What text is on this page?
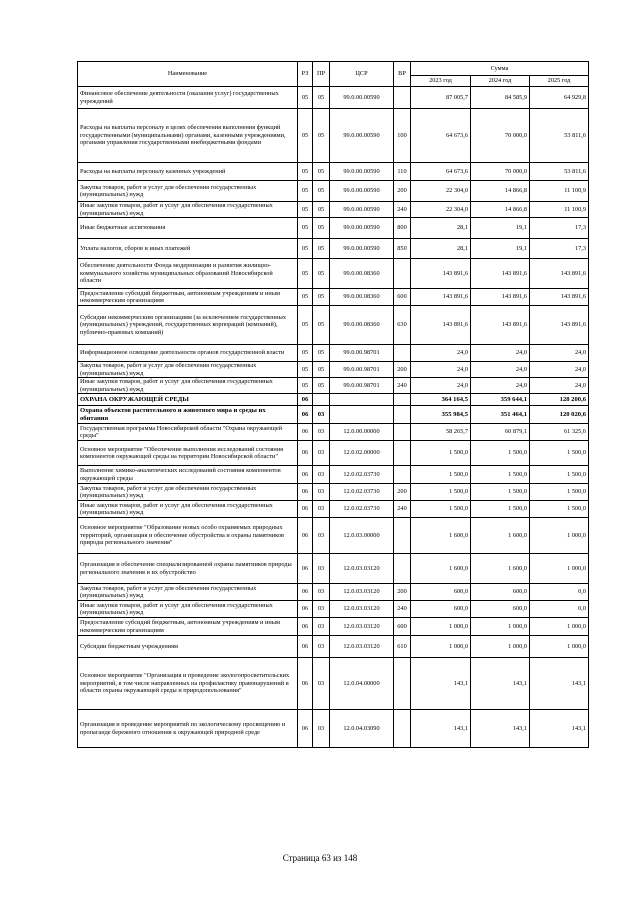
Наименование	РЗ	ПР	ЦСР	ВР	Сумма		
					2023 год	2024 год	2025 год
Финансовое обеспечение деятельности (оказания услуг) государственных учреждений	05	05	99.0.00.00590		87 005,7	84 585,9	64 929,8
Расходы на выплаты персоналу в целях обеспечения выполнения функций государственными (муниципальными) органами, казенными учреждениями, органами управления государственными внебюджетными фондами	05	05	99.0.00.00590	100	64 673,6	70 000,0	53 811,6
Расходы на выплаты персоналу казенных учреждений	05	05	99.0.00.00590	110	64 673,6	70 000,0	53 811,6
Закупка товаров, работ и услуг для обеспечения государственных (муниципальных) нужд	05	05	99.0.00.00590	200	22 304,0	14 866,8	11 100,9
Иные закупки товаров, работ и услуг для обеспечения государственных (муниципальных) нужд	05	05	99.0.00.00590	240	22 304,0	14 866,8	11 100,9
Иные бюджетные ассигнования	05	05	99.0.00.00590	800	28,1	19,1	17,3
Уплата налогов, сборов и иных платежей	05	05	99.0.00.00590	850	28,1	19,1	17,3
Обеспечение деятельности Фонда модернизации и развития жилищно-коммунального хозяйства муниципальных образований Новосибирской области	05	05	99.0.00.08360		143 891,6	143 891,6	143 891,6
Предоставление субсидий бюджетным, автономным учреждениям и иным некоммерческим организациям	05	05	99.0.00.08360	600	143 891,6	143 891,6	143 891,6
Субсидии некоммерческим организациям (за исключением государственных (муниципальных) учреждений, государственных корпораций (компаний), публично-правовых компаний)	05	05	99.0.00.08360	630	143 891,6	143 891,6	143 891,6
Информационное освещение деятельности органов государственной власти	05	05	99.0.00.98701		24,0	24,0	24,0
Закупка товаров, работ и услуг для обеспечения государственных (муниципальных) нужд	05	05	99.0.00.98701	200	24,0	24,0	24,0
Иные закупки товаров, работ и услуг для обеспечения государственных (муниципальных) нужд	05	05	99.0.00.98701	240	24,0	24,0	24,0
ОХРАНА ОКРУЖАЮЩЕЙ СРЕДЫ	06				364 164,5	359 644,1	128 200,6
Охрана объектов растительного и животного мира и среды их обитания	06	03			355 984,5	351 464,1	120 020,6
Государственная программа Новосибирской области "Охрана окружающей среды"	06	03	12.0.00.00000		58 265,7	60 879,1	61 325,6
Основное мероприятие "Обеспечение выполнения исследований состояния компонентов окружающей среды на территории Новосибирской области"	06	03	12.0.02.00000		1 500,0	1 500,0	1 500,0
Выполнение химико-аналитических исследований состояния компонентов окружающей среды	06	03	12.0.02.03730		1 500,0	1 500,0	1 500,0
Закупка товаров, работ и услуг для обеспечения государственных (муниципальных) нужд	06	03	12.0.02.03730	200	1 500,0	1 500,0	1 500,0
Иные закупки товаров, работ и услуг для обеспечения государственных (муниципальных) нужд	06	03	12.0.02.03730	240	1 500,0	1 500,0	1 500,0
Основное мероприятие "Образование новых особо охраняемых природных территорий, организация и обеспечение обустройства и охраны памятников природы регионального значения"	06	03	12.0.03.00000		1 600,0	1 600,0	1 000,0
Организация и обеспечение специализированной охраны памятников природы регионального значения и их обустройство	06	03	12.0.03.03120		1 600,0	1 600,0	1 000,0
Закупка товаров, работ и услуг для обеспечения государственных (муниципальных) нужд	06	03	12.0.03.03120	200	600,0	600,0	0,0
Иные закупки товаров, работ и услуг для обеспечения государственных (муниципальных) нужд	06	03	12.0.03.03120	240	600,0	600,0	0,0
Предоставление субсидий бюджетным, автономным учреждениям и иным некоммерческим организациям	06	03	12.0.03.03120	600	1 000,0	1 000,0	1 000,0
Субсидии бюджетным учреждениям	06	03	12.0.03.03120	610	1 000,0	1 000,0	1 000,0
Основное мероприятие "Организация и проведение экологопросветительских мероприятий, в том числе направленных на профилактику правонарушений в области охраны окружающей среды и природопользования"	06	03	12.0.04.00000		143,1	143,1	143,1
Организация и проведение мероприятий по экологическому просвещению и пропаганде бережного отношения к окружающей природной среде	06	03	12.0.04.03090		143,1	143,1	143,1
Страница 63 из 148
